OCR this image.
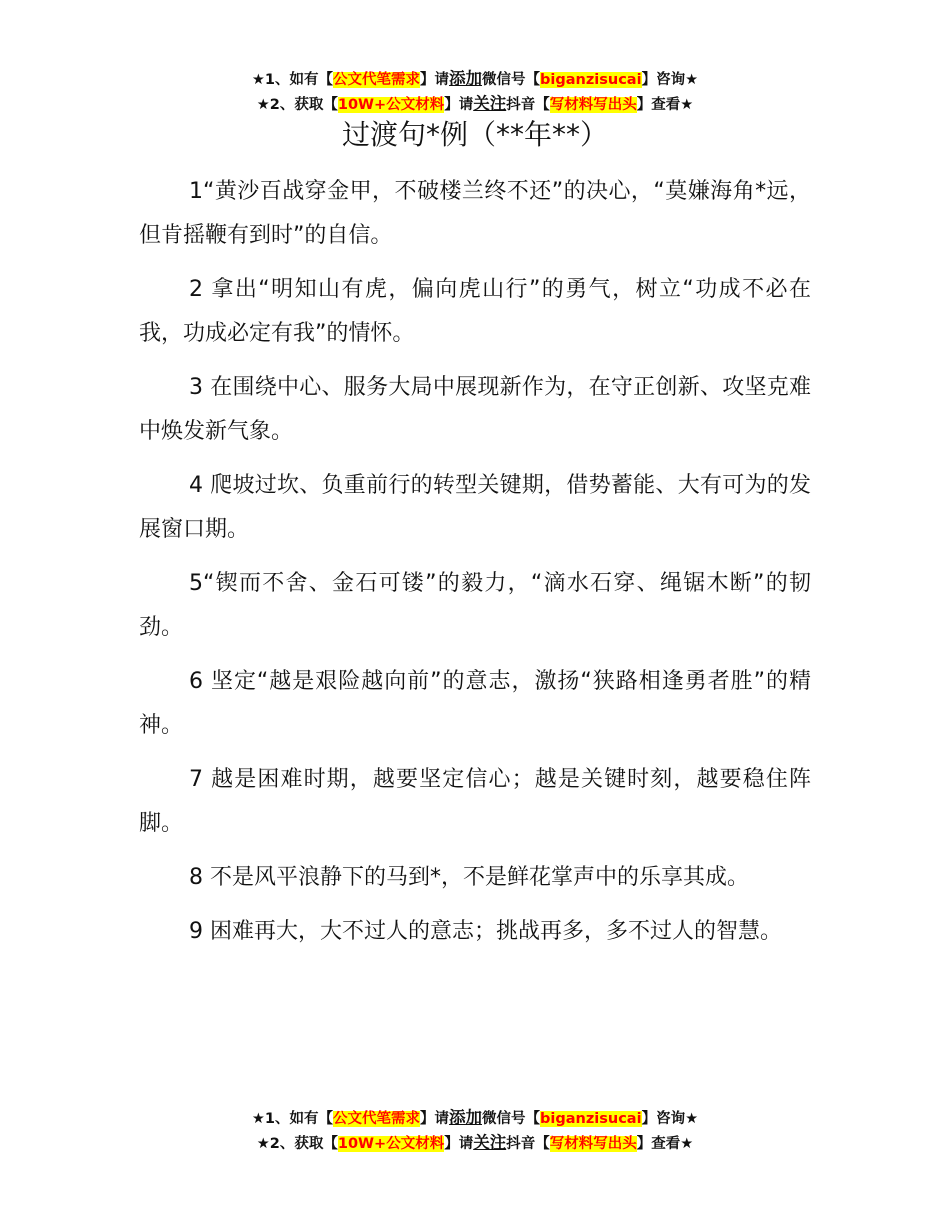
★1、如有【公文代笔需求】请添加微信号【biganzisucai】咨询★
★2、获取【10W+公文材料】请关注抖音【写材料写出头】查看★
过渡句*例（**年**）

1“黄沙百战穿金甲，不破楼兰终不还”的决心，“莫嫌海角*远，但肯摇鞭有到时”的自信。

2 拿出“明知山有虎，偏向虎山行”的勇气，树立“功成不必在我，功成必定有我”的情怀。

3 在围绕中心、服务大局中展现新作为，在守正创新、攻坚克难中焕发新气象。

4 爬坡过坎、负重前行的转型关键期，借势蓄能、大有可为的发展窗口期。

5“锲而不舍、金石可镂”的毅力，“滴水石穿、绳锯木断”的韧劲。

6 坚定“越是艰险越向前”的意志，激扬“狭路相逢勇者胜”的精神。

7 越是困难时期，越要坚定信心；越是关键时刻，越要稳住阵脚。

8 不是风平浪静下的马到*，不是鲜花掌声中的乐享其成。

9 困难再大，大不过人的意志；挑战再多，多不过人的智慧。

★1、如有【公文代笔需求】请添加微信号【biganzisucai】咨询★
★2、获取【10W+公文材料】请关注抖音【写材料写出头】查看★
